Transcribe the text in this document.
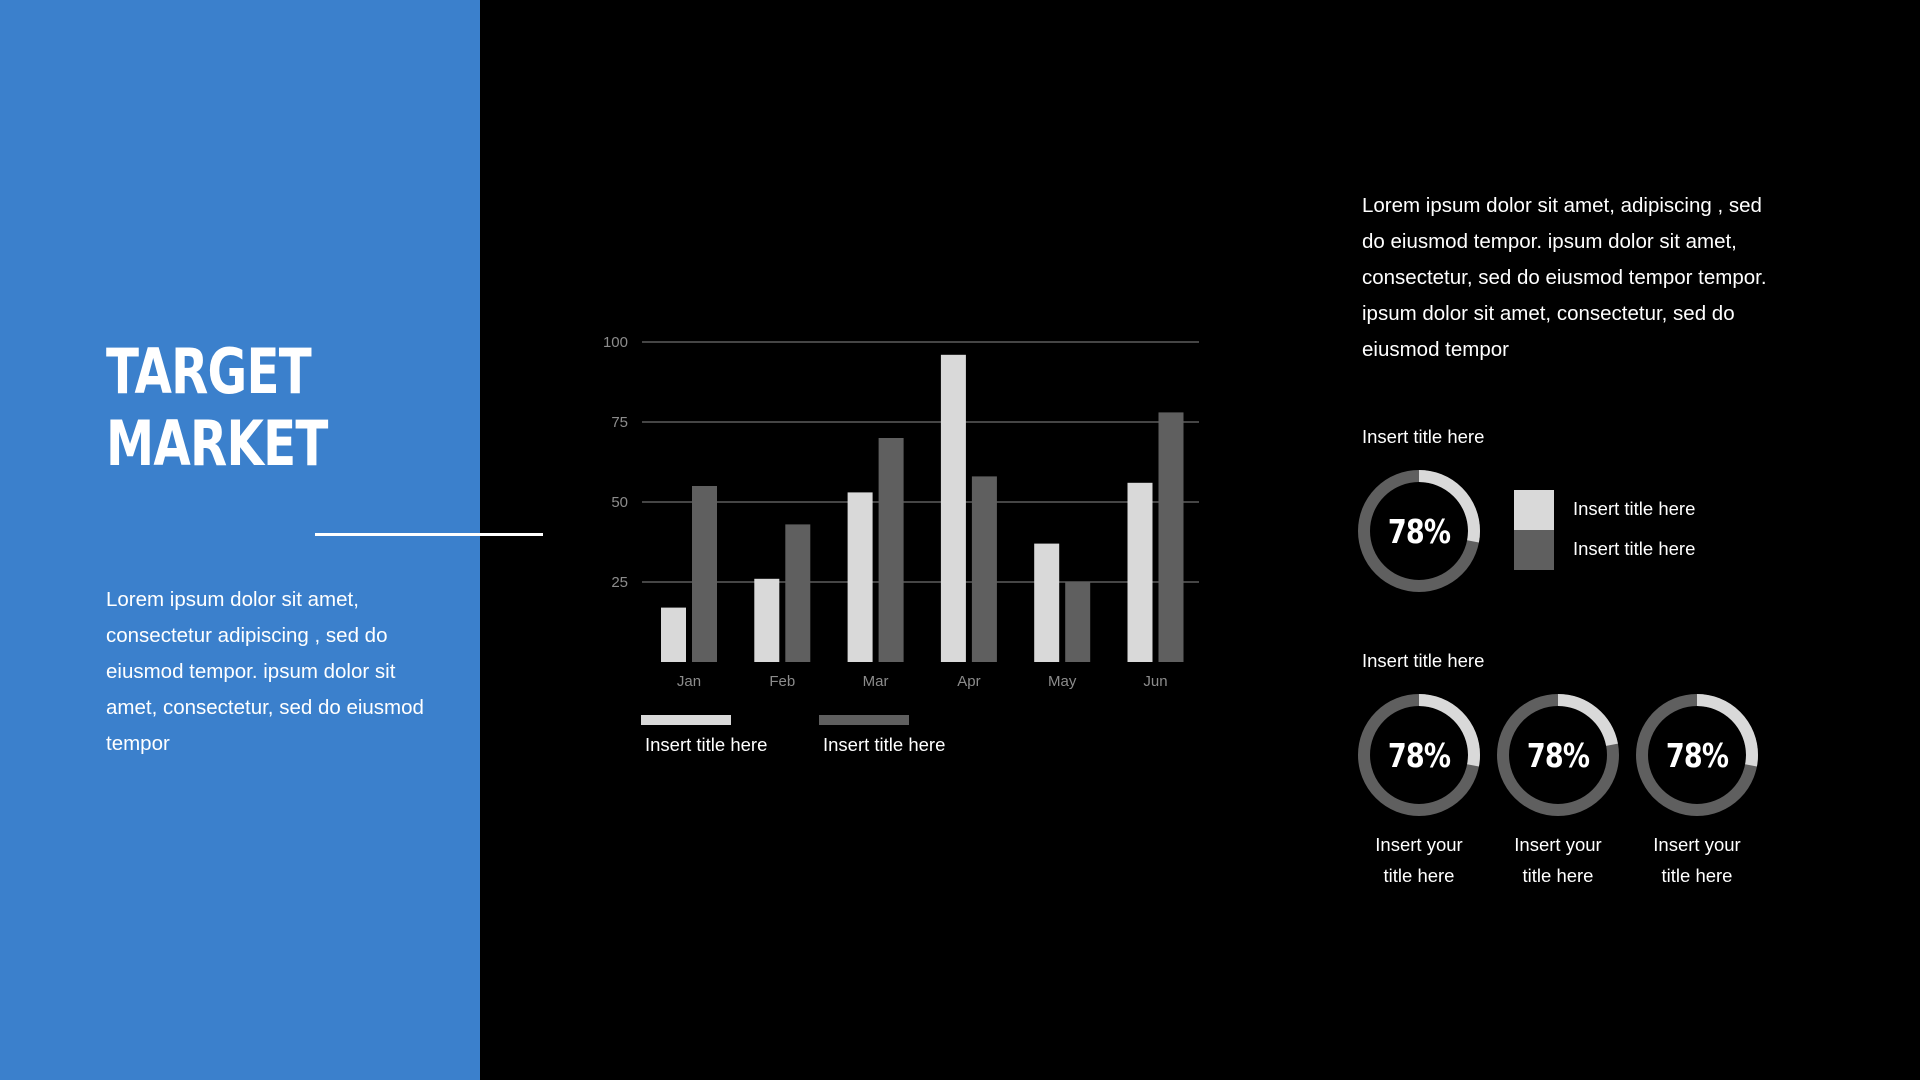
TARGET
MARKET

Lorem ipsum dolor sit amet, consectetur adipiscing , sed do eiusmod tempor. ipsum dolor sit amet, consectetur, sed do eiusmod tempor

25
50
75
100
Jan	Feb	Mar	Apr	May	Jun
Insert title here	Insert title here

Lorem ipsum dolor sit amet, adipiscing , sed do eiusmod tempor. ipsum dolor sit amet, consectetur, sed do eiusmod tempor tempor. ipsum dolor sit amet, consectetur, sed do eiusmod tempor

Insert title here
78%
Insert title here
Insert title here
Insert title here
78%	78%	78%
Insert your
title here
Insert your
title here
Insert your
title here
